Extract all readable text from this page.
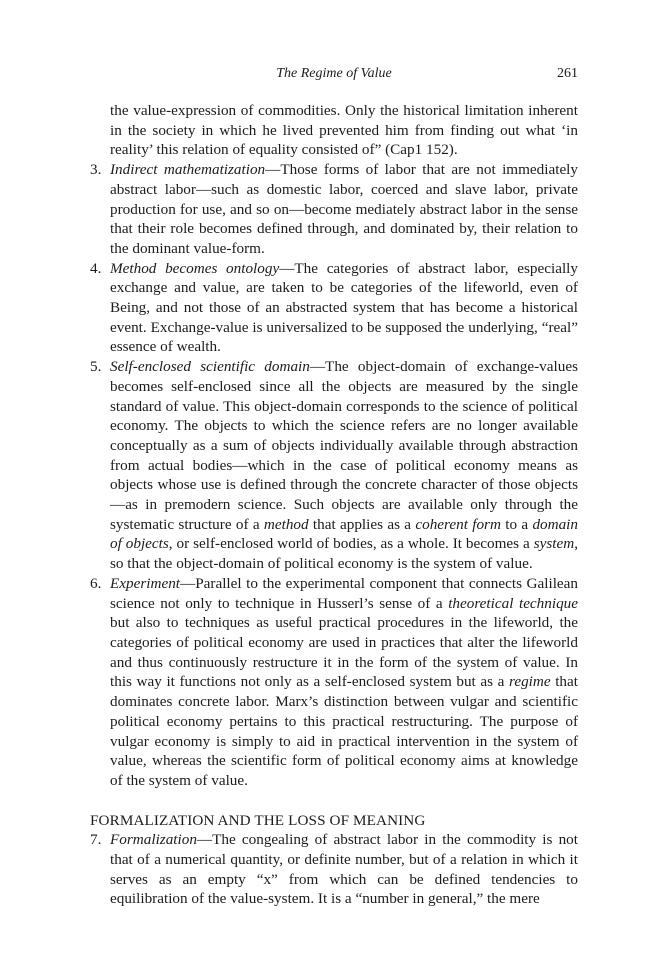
The Regime of Value	261

the value-expression of commodities. Only the historical limitation inherent in the society in which he lived prevented him from finding out what ‘in reality’ this relation of equality consisted of” (Cap1 152).

3. Indirect mathematization—Those forms of labor that are not immediately abstract labor—such as domestic labor, coerced and slave labor, private production for use, and so on—become mediately abstract labor in the sense that their role becomes defined through, and dominated by, their relation to the dominant value-form.

4. Method becomes ontology—The categories of abstract labor, especially exchange and value, are taken to be categories of the lifeworld, even of Being, and not those of an abstracted system that has become a historical event. Exchange-value is universalized to be supposed the underlying, “real” essence of wealth.

5. Self-enclosed scientific domain—The object-domain of exchange-values becomes self-enclosed since all the objects are measured by the single standard of value. This object-domain corresponds to the science of political economy. The objects to which the science refers are no longer available conceptually as a sum of objects individually available through abstraction from actual bodies—which in the case of political economy means as objects whose use is defined through the concrete character of those objects—as in premodern science. Such objects are available only through the systematic structure of a method that applies as a coherent form to a domain of objects, or self-enclosed world of bodies, as a whole. It becomes a system, so that the object-domain of political economy is the system of value.

6. Experiment—Parallel to the experimental component that connects Galilean science not only to technique in Husserl’s sense of a theoretical technique but also to techniques as useful practical procedures in the lifeworld, the categories of political economy are used in practices that alter the lifeworld and thus continuously restructure it in the form of the system of value. In this way it functions not only as a self-enclosed system but as a regime that dominates concrete labor. Marx’s distinction between vulgar and scientific political economy pertains to this practical restructuring. The purpose of vulgar economy is simply to aid in practical intervention in the system of value, whereas the scientific form of political economy aims at knowledge of the system of value.

FORMALIZATION AND THE LOSS OF MEANING
7. Formalization—The congealing of abstract labor in the commodity is not that of a numerical quantity, or definite number, but of a relation in which it serves as an empty “x” from which can be defined tendencies to equilibration of the value-system. It is a “number in general,” the mere
